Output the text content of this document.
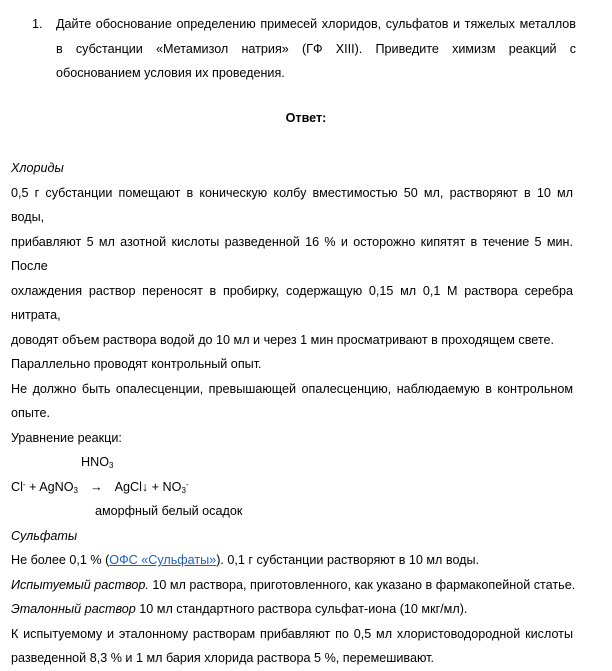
1. Дайте обоснование определению примесей хлоридов, сульфатов и тяжелых металлов в субстанции «Метамизол натрия» (ГФ XIII). Приведите химизм реакций с обоснованием условия их проведения.
Ответ:
Хлориды
0,5 г субстанции помещают в коническую колбу вместимостью 50 мл, растворяют в 10 мл воды,
прибавляют 5 мл азотной кислоты разведенной 16 % и осторожно кипятят в течение 5 мин. После
охлаждения раствор переносят в пробирку, содержащую 0,15 мл 0,1 М раствора серебра нитрата,
доводят объем раствора водой до 10 мл и через 1 мин просматривают в проходящем свете.
Параллельно проводят контрольный опыт.
Не должно быть опалесценции, превышающей опалесценцию, наблюдаемую в контрольном
опыте.
Уравнение реакци:
$HNO_3$
Cl- + AgNO$_3$ → AgCl↓ + $NO_3^-$
аморфный белый осадок
Сульфаты
Не более 0,1 % (ОФС «Сульфаты»). 0,1 г субстанции растворяют в 10 мл воды.
Испытуемый раствор. 10 мл раствора, приготовленного, как указано в фармакопейной статье.
Эталонный раствор 10 мл стандартного раствора сульфат-иона (10 мкг/мл).
К испытуемому и эталонному растворам прибавляют по 0,5 мл хлористоводородной кислоты
разведенной 8,3 % и 1 мл бария хлорида раствора 5 %, перемешивают.
